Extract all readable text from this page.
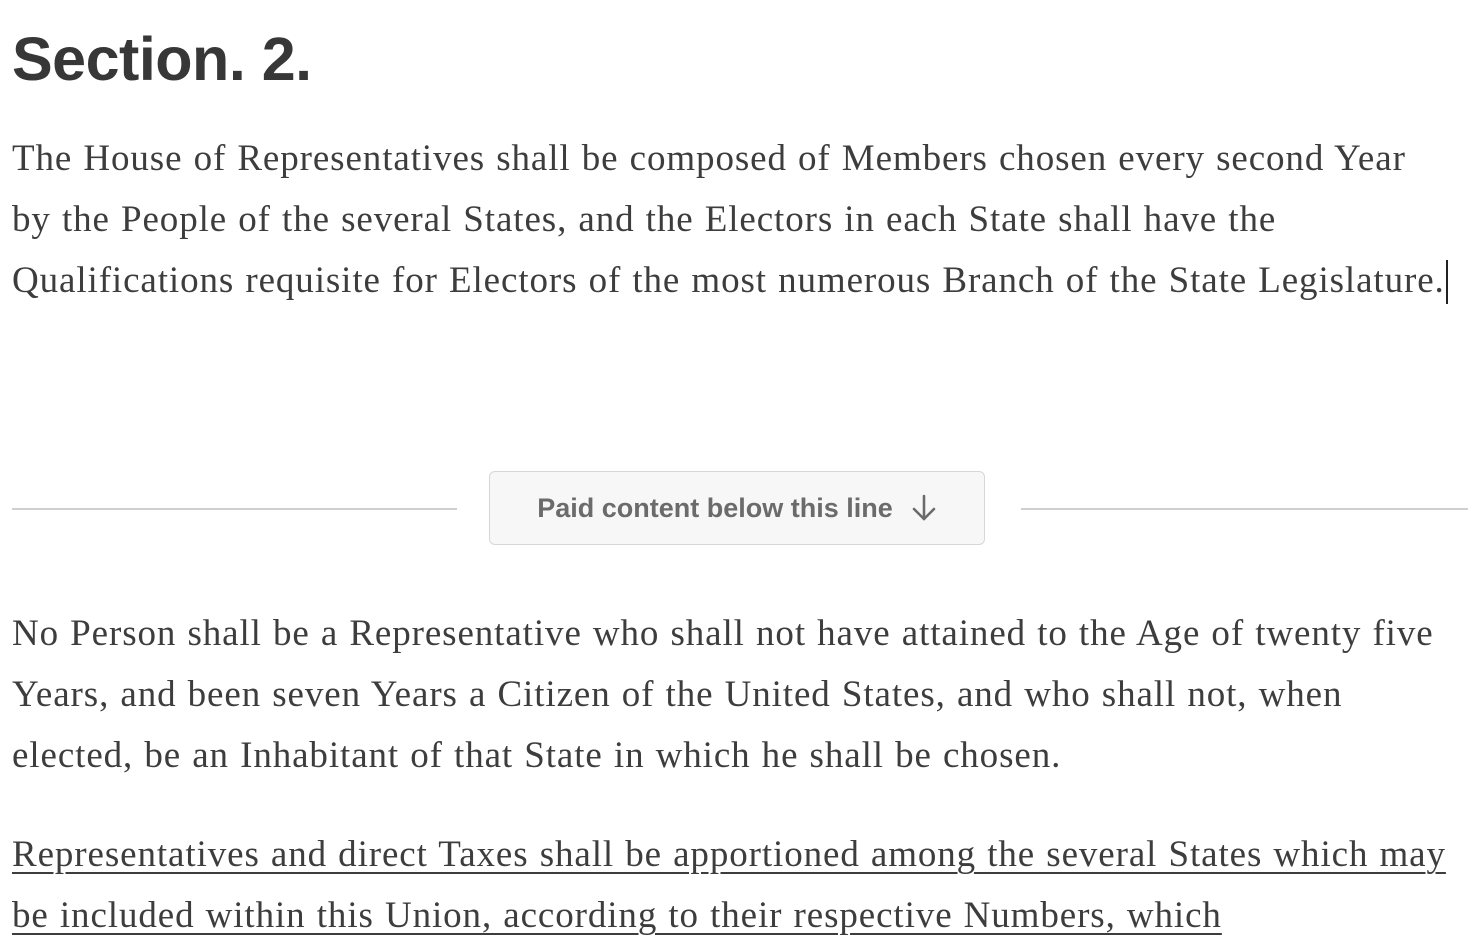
Section. 2.

The House of Representatives shall be composed of Members chosen every second Year by the People of the several States, and the Electors in each State shall have the Qualifications requisite for Electors of the most numerous Branch of the State Legislature.

Paid content below this line

No Person shall be a Representative who shall not have attained to the Age of twenty five Years, and been seven Years a Citizen of the United States, and who shall not, when elected, be an Inhabitant of that State in which he shall be chosen.

Representatives and direct Taxes shall be apportioned among the several States which may be included within this Union, according to their respective Numbers, which
